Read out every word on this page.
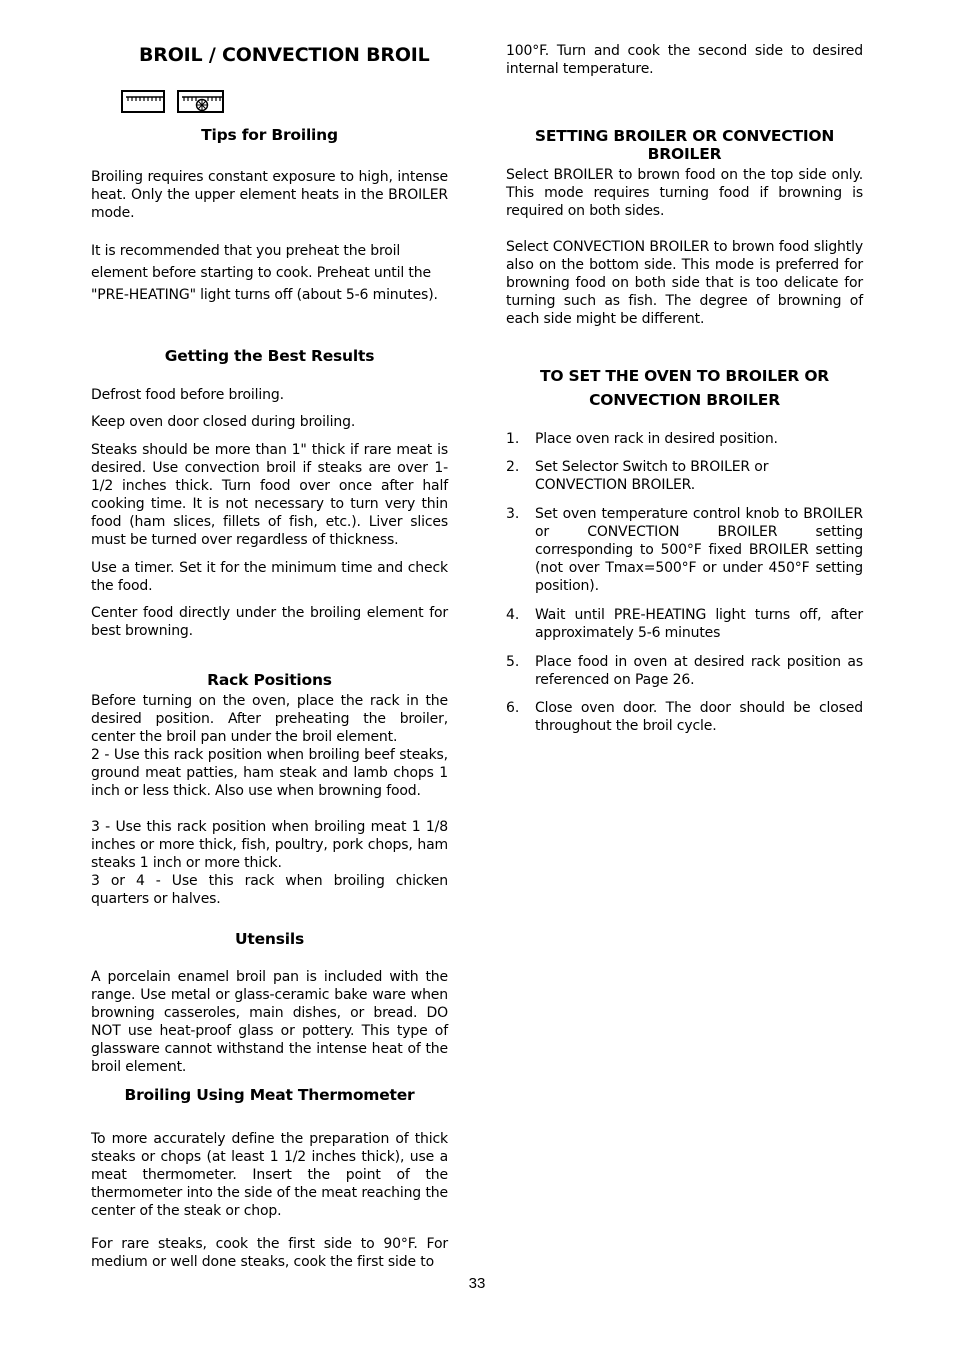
BROIL / CONVECTION BROIL
Tips for Broiling

Broiling requires constant exposure to high, intense heat. Only the upper element heats in the BROILER mode.

It is recommended that you preheat the broil element before starting to cook. Preheat until the "PRE-HEATING" light turns off (about 5-6 minutes).

Getting the Best Results

Defrost food before broiling.

Keep oven door closed during broiling.

Steaks should be more than 1" thick if rare meat is desired. Use convection broil if steaks are over 1-1/2 inches thick. Turn food over once after half cooking time. It is not necessary to turn very thin food (ham slices, fillets of fish, etc.). Liver slices must be turned over regardless of thickness.

Use a timer. Set it for the minimum time and check the food.

Center food directly under the broiling element for best browning.

Rack Positions

Before turning on the oven, place the rack in the desired position. After preheating the broiler, center the broil pan under the broil element.

2 - Use this rack position when broiling beef steaks, ground meat patties, ham steak and lamb chops 1 inch or less thick. Also use when browning food.

3 - Use this rack position when broiling meat 1 1/8 inches or more thick, fish, poultry, pork chops, ham steaks 1 inch or more thick.

3 or 4 - Use this rack when broiling chicken quarters or halves.

Utensils

A porcelain enamel broil pan is included with the range. Use metal or glass-ceramic bake ware when browning casseroles, main dishes, or bread. DO NOT use heat-proof glass or pottery. This type of glassware cannot withstand the intense heat of the broil element.

Broiling Using Meat Thermometer

To more accurately define the preparation of thick steaks or chops (at least 1 1/2 inches thick), use a meat thermometer. Insert the point of the thermometer into the side of the meat reaching the center of the steak or chop.

For rare steaks, cook the first side to 90°F. For medium or well done steaks, cook the first side to

100°F. Turn and cook the second side to desired internal temperature.

SETTING BROILER OR CONVECTION BROILER

Select BROILER to brown food on the top side only. This mode requires turning food if browning is required on both sides.

Select CONVECTION BROILER to brown food slightly also on the bottom side. This mode is preferred for browning food on both side that is too delicate for turning such as fish. The degree of browning of each side might be different.

TO SET THE OVEN TO BROILER OR
CONVECTION BROILER
1.	Place oven rack in desired position.
2.	Set Selector Switch to BROILER or CONVECTION BROILER.
3.	Set oven temperature control knob to BROILER or CONVECTION BROILER setting corresponding to 500°F fixed BROILER setting (not over Tmax=500°F or under 450°F setting position).
4.	Wait until PRE-HEATING light turns off, after approximately 5-6 minutes
5.	Place food in oven at desired rack position as referenced on Page 26.
6.	Close oven door. The door should be closed throughout the broil cycle.
33
